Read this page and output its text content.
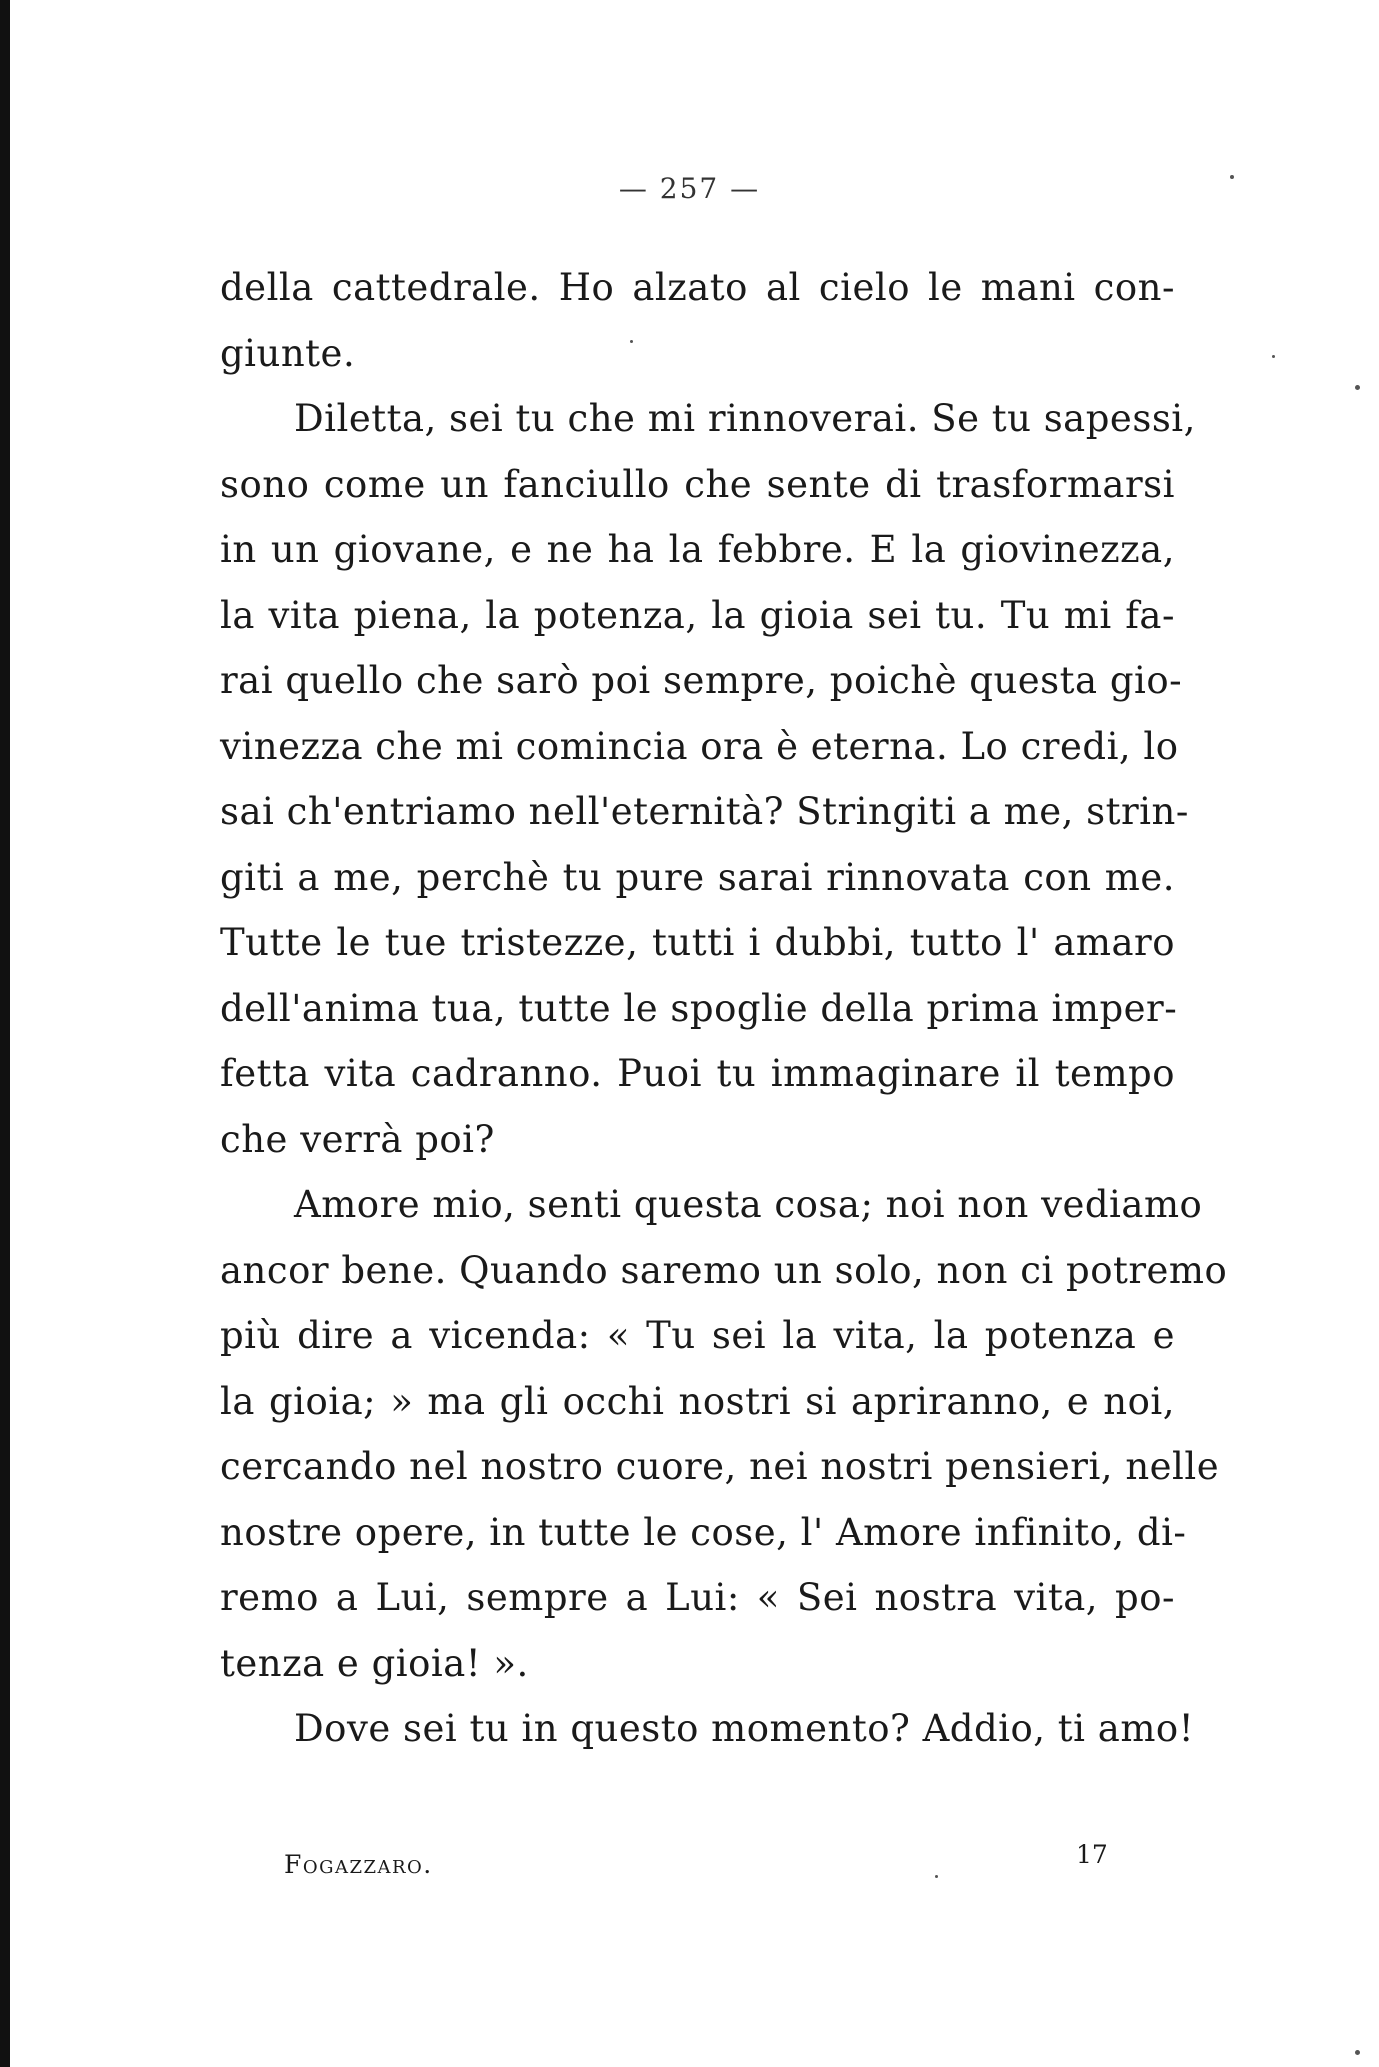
— 257 —
della cattedrale. Ho alzato al cielo le mani con-
giunte.
Diletta, sei tu che mi rinnoverai. Se tu sapessi,
sono come un fanciullo che sente di trasformarsi
in un giovane, e ne ha la febbre. E la giovinezza,
la vita piena, la potenza, la gioia sei tu. Tu mi fa-
rai quello che sarò poi sempre, poichè questa gio-
vinezza che mi comincia ora è eterna. Lo credi, lo
sai ch'entriamo nell'eternità? Stringiti a me, strin-
giti a me, perchè tu pure sarai rinnovata con me.
Tutte le tue tristezze, tutti i dubbi, tutto l' amaro
dell'anima tua, tutte le spoglie della prima imper-
fetta vita cadranno. Puoi tu immaginare il tempo
che verrà poi?
Amore mio, senti questa cosa; noi non vediamo
ancor bene. Quando saremo un solo, non ci potremo
più dire a vicenda: « Tu sei la vita, la potenza e
la gioia; » ma gli occhi nostri si apriranno, e noi,
cercando nel nostro cuore, nei nostri pensieri, nelle
nostre opere, in tutte le cose, l' Amore infinito, di-
remo a Lui, sempre a Lui: « Sei nostra vita, po-
tenza e gioia! ».
Dove sei tu in questo momento? Addio, ti amo!
Fogazzaro.	17
